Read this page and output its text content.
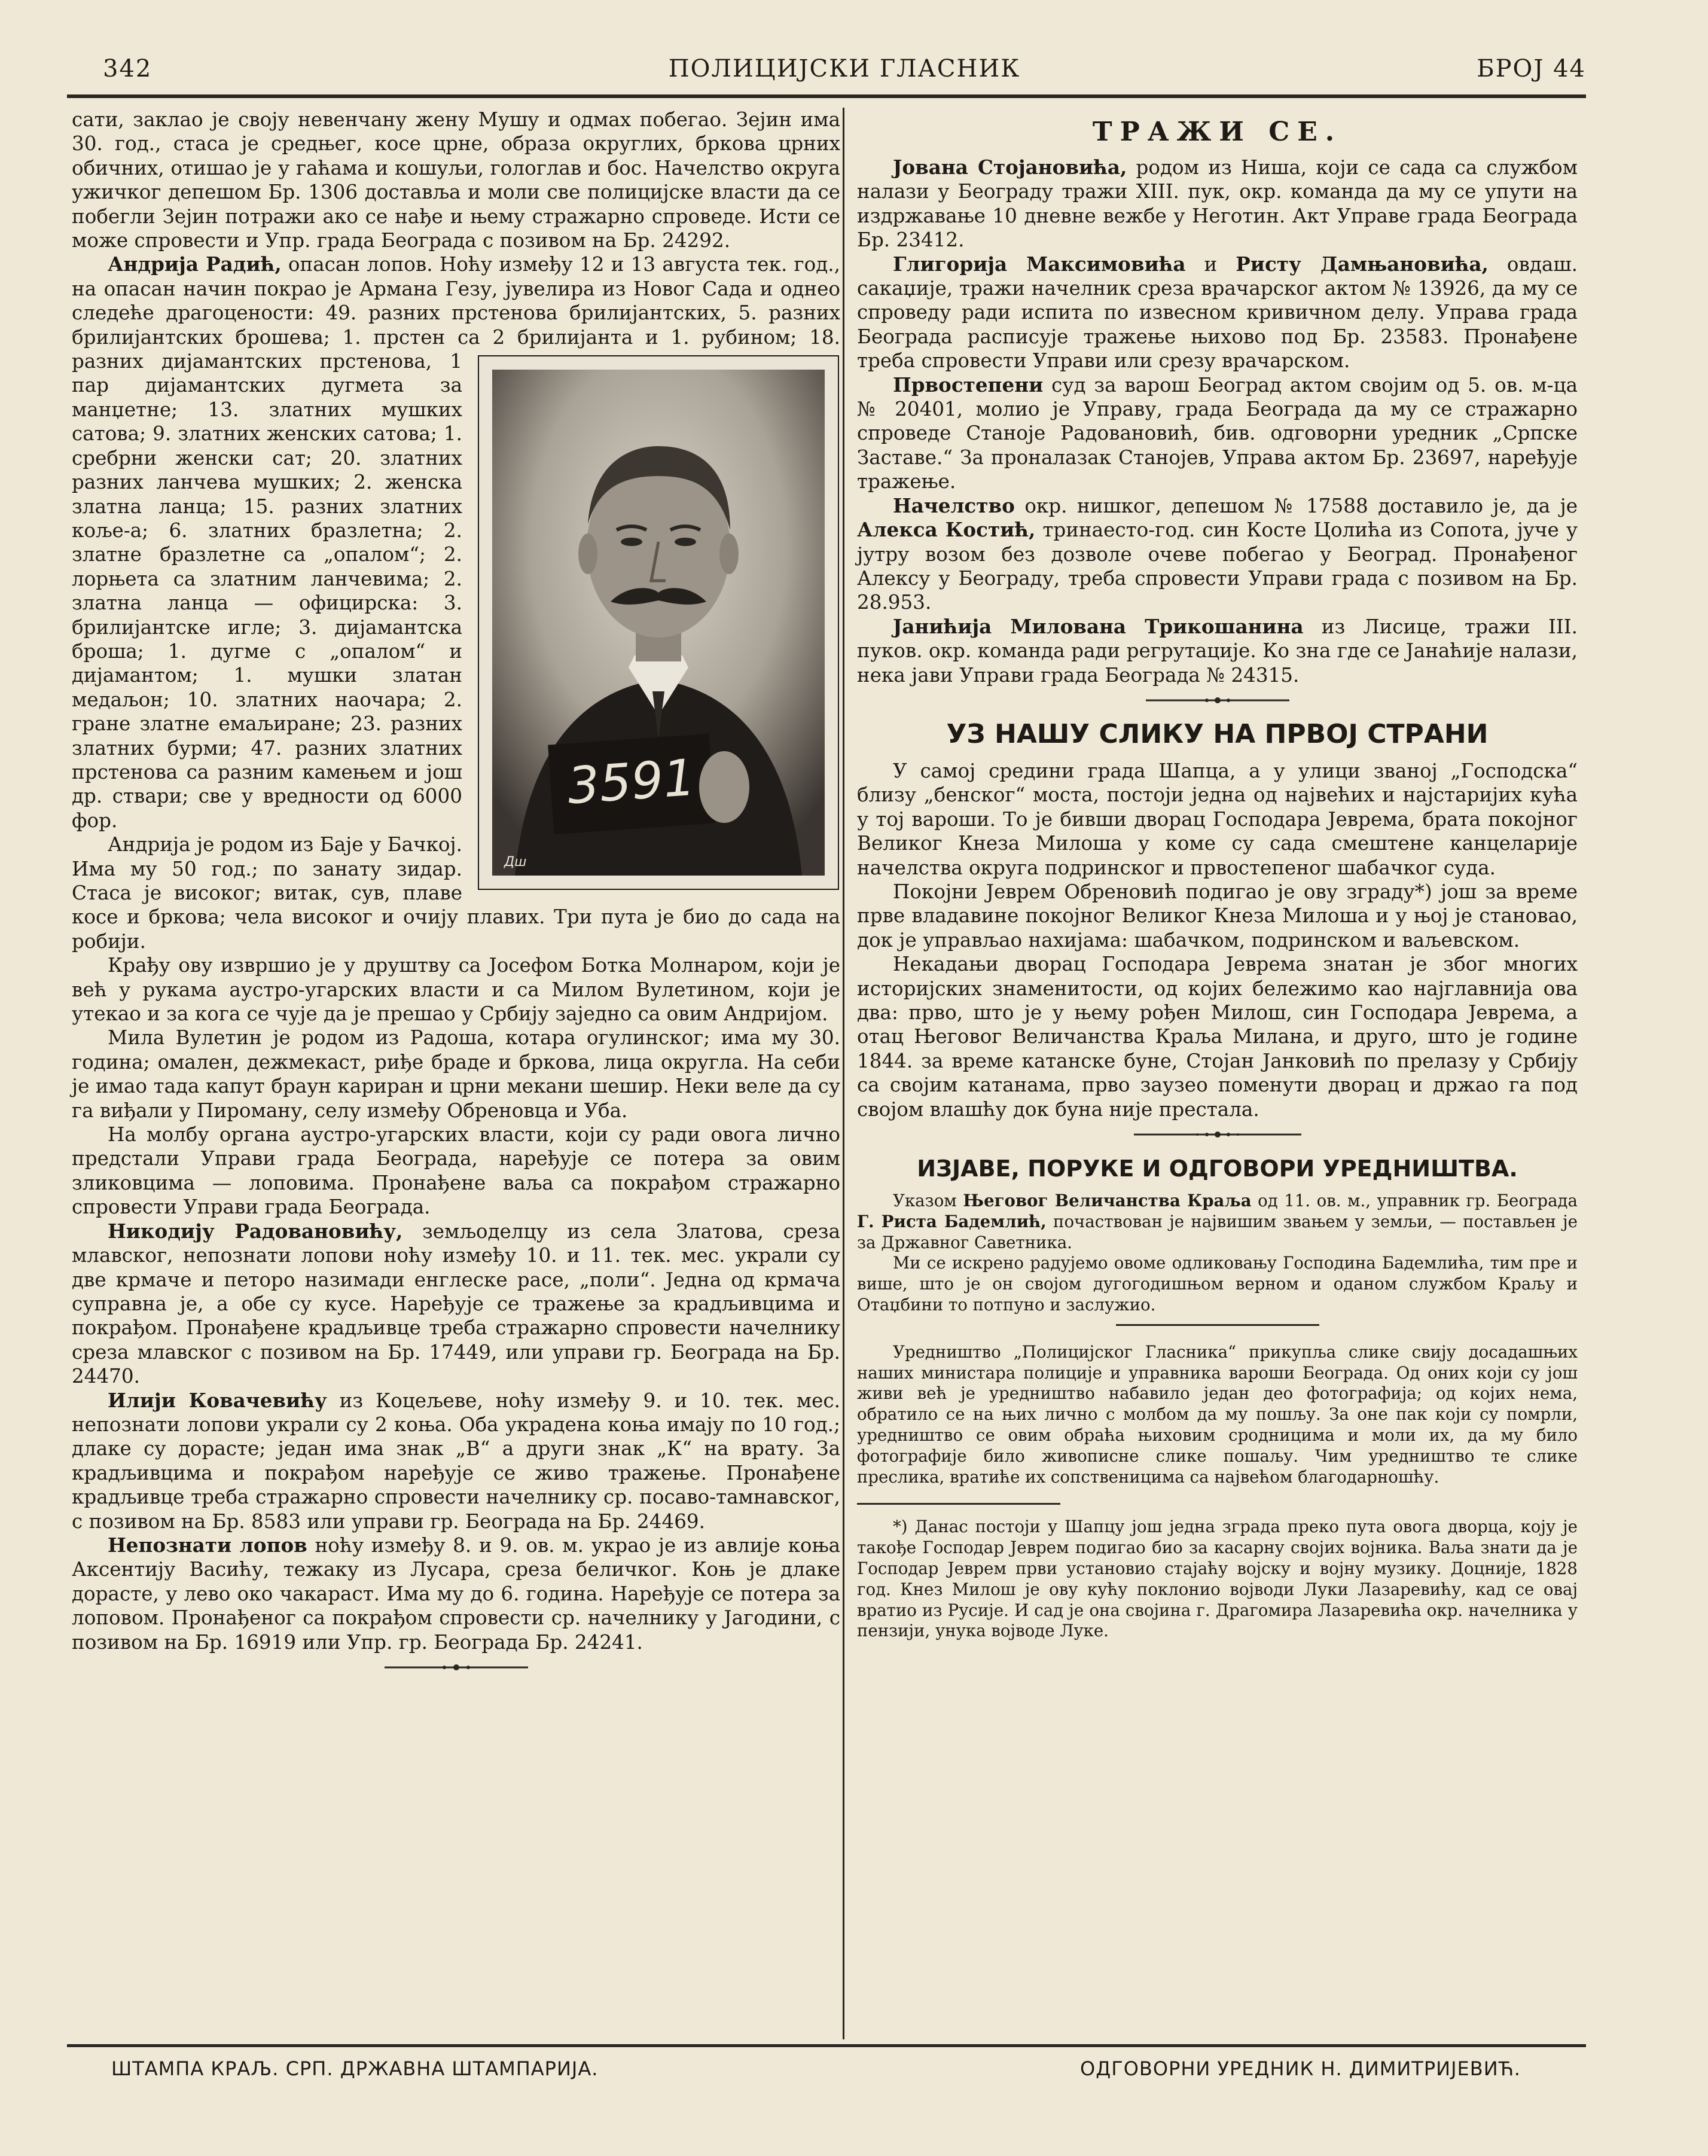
342	ПОЛИЦИЈСКИ ГЛАСНИК	БРОЈ 44

сати, заклао је своју невенчану жену Мушу и одмах побегао. Зејин има 30. год., стаса је средњег, косе црне, образа округлих, бркова црних обичних, отишао је у гаћама и кошуљи, гологлав и бос. Начелство округа ужичког депешом Бр. 1306 доставља и моли све полицијске власти да се побегли Зејин потражи ако се нађе и њему стражарно спроведе. Исти се може спровести и Упр. града Београда с позивом на Бр. 24292.

Андрија Радић, опасан лопов. Ноћу између 12 и 13 августа тек. год., на опасан начин покрао је Армана Гезу, јувелира из Новог Сада и однео следеће драгоцености: 49. разних прстенова брилијантских, 5. разних брилијантских брошева; 1. прстен са 2 брилијанта и 1. рубином; 18. разних дијамантских
прстенова, 1 пар дијамантских дугмета за манџетне; 13. златних мушких сатова; 9. златних женских сатова; 1. сребрни женски сат; 20. златних разних ланчева мушких; 2. женска златна ланца; 15. разних златних коље-а; 6. златних бразлетна; 2. златне бразлетне са „опалом“; 2. лорњета са златним ланчевима; 2. златна ланца — официрска: 3. брилијантске игле; 3. дијамантска броша; 1. дугме с „опалом“ и дијамантом; 1. мушки златан медаљон; 10. златних наочара; 2. гране златне емаљиране; 23. разних златних бурми; 47. разних златних прстенова са разним камењем и још др. ствари; све у вредности од 6000 фор.

Андрија је родом из Баје у Бачкој. Има му 50 год.; по занату зидар. Стаса је високог; витак, сув, плаве косе и бркова; чела високог и очију плавих. Три пута је био до сада на робији.

Крађу ову извршио је у друштву са Јосефом Ботка Молнаром, који је већ у рукама аустро-угарских власти и са Милом Вулетином, који је утекао и за кога се чује да је прешао у Србију заједно са овим Андријом.

Мила Вулетин је родом из Радоша, котара огулинског; има му 30. година; омален, дежмекаст, риђе браде и бркова, лица округла. На себи је имао тада капут браун кариран и црни мекани шешир. Неки веле да су га виђали у Пироману, селу између Обреновца и Уба.

На молбу органа аустро-угарских власти, који су ради овога лично предстали Управи града Београда, наређује се потера за овим зликовцима — лоповима. Пронађене ваља са покрађом стражарно спровести Управи града Београда.

Никодију Радовановићу, земљоделцу из села Златова, среза млавског, непознати лопови ноћу између 10. и 11. тек. мес. украли су две крмаче и петоро назимади енглеске расе, „поли“. Једна од крмача суправна је, а обе су кусе. Наређује се тражење за крадљивцима и покрађом. Пронађене крадљивце треба стражарно спровести начелнику среза млавског с позивом на Бр. 17449, или управи гр. Београда на Бр. 24470.

Илији Ковачевићу из Коцељеве, ноћу између 9. и 10. тек. мес. непознати лопови украли су 2 коња. Оба украдена коња имају по 10 год.; длаке су дорасте; један има знак „В“ а други знак „К“ на врату. За крадљивцима и покрађом наређује се живо тражење. Пронађене крадљивце треба стражарно спровести начелнику ср. посаво-тамнавског, с позивом на Бр. 8583 или управи гр. Београда на Бр. 24469.

Непознати лопов ноћу између 8. и 9. ов. м. украо је из авлије коња Аксентију Васићу, тежаку из Лусара, среза беличког. Коњ је длаке дорасте, у лево око чакараст. Има му до 6. година. Наређује се потера за лоповом. Пронађеног са покрађом спровести ср. начелнику у Јагодини, с позивом на Бр. 16919 или Упр. гр. Београда Бр. 24241.

3591
Дш
ТРАЖИ СЕ.

Јована Стојановића, родом из Ниша, који се сада са службом налази у Београду тражи XIII. пук, окр. команда да му се упути на издржавање 10 дневне вежбе у Неготин. Акт Управе града Београда Бр. 23412.

Глигорија Максимовића и Ристу Дамњановића, овдаш. сакаџије, тражи начелник среза врачарског актом № 13926, да му се спроведу ради испита по извесном кривичном делу. Управа града Београда расписује тражење њихово под Бр. 23583. Пронађене треба спровести Управи или срезу врачарском.

Првостепени суд за варош Београд актом својим од 5. ов. м-ца № 20401, молио је Управу, града Београда да му се стражарно спроведе Станоје Радовановић, бив. одговорни уредник „Српске Заставе.“ За проналазак Станојев, Управа актом Бр. 23697, наређује тражење.

Начелство окр. нишког, депешом № 17588 доставило је, да је Алекса Костић, тринаесто-год. син Косте Цолића из Сопота, јуче у јутру возом без дозволе очеве побегао у Београд. Пронађеног Алексу у Београду, треба спровести Управи града с позивом на Бр. 28.953.

Јанићија Милована Трикошанина из Лисице, тражи III. пуков. окр. команда ради регрутације. Ко зна где се Јанаћије налази, нека јави Управи града Београда № 24315.

УЗ НАШУ СЛИКУ НА ПРВОЈ СТРАНИ

У самој средини града Шапца, а у улици званој „Господска“ близу „бенског“ моста, постоји једна од највећих и најстаријих кућа у тој вароши. То је бивши дворац Господара Јеврема, брата покојног Великог Кнеза Милоша у коме су сада смештене канцеларије начелства округа подринског и првостепеног шабачког суда.

Покојни Јеврем Обреновић подигао је ову зграду*) још за време прве владавине покојног Великог Кнеза Милоша и у њој је становао, док је управљао нахијама: шабачком, подринском и ваљевском.

Некадањи дворац Господара Јеврема знатан је због многих историјских знаменитости, од којих бележимо као најглавнија ова два: прво, што је у њему рођен Милош, син Господара Јеврема, а отац Његовог Величанства Краља Милана, и друго, што је године 1844. за време катанске буне, Стојан Јанковић по прелазу у Србију са својим катанама, прво заузео поменути дворац и држао га под својом влашћу док буна није престала.

ИЗЈАВЕ, ПОРУКЕ И ОДГОВОРИ УРЕДНИШТВА.

Указом Његовог Величанства Краља од 11. ов. м., управник гр. Београда Г. Риста Бадемлић, почаствован је највишим звањем у земљи, — постављен је за Државног Саветника.

Ми се искрено радујемо овоме одликовању Господина Бадемлића, тим пре и више, што је он својом дугогодишњом верном и оданом службом Краљу и Отаџбини то потпуно и заслужио.

Уредништво „Полицијског Гласника“ прикупља слике свију досадашњих наших министара полиције и управника вароши Београда. Од оних који су још живи већ је уредништво набавило један део фотографија; од којих нема, обратило се на њих лично с молбом да му пошљу. За оне пак који су помрли, уредништво се овим обраћа њиховим сродницима и моли их, да му било фотографије било живописне слике пошаљу. Чим уредништво те слике преслика, вратиће их сопственицима са највећом благодарношћу.

*) Данас постоји у Шапцу још једна зграда преко пута овога дворца, коју је такође Господар Јеврем подигао био за касарну својих војника. Ваља знати да је Господар Јеврем први установио стајаћу војску и војну музику. Доцније, 1828 год. Кнез Милош је ову кућу поклонио војводи Луки Лазаревићу, кад се овај вратио из Русије. И сад је она својина г. Драгомира Лазаревића окр. начелника у пензији, унука војводе Луке.

ШТАМПА КРАЉ. СРП. ДРЖАВНА ШТАМПАРИЈА.	ОДГОВОРНИ УРЕДНИК Н. ДИМИТРИЈЕВИЋ.
